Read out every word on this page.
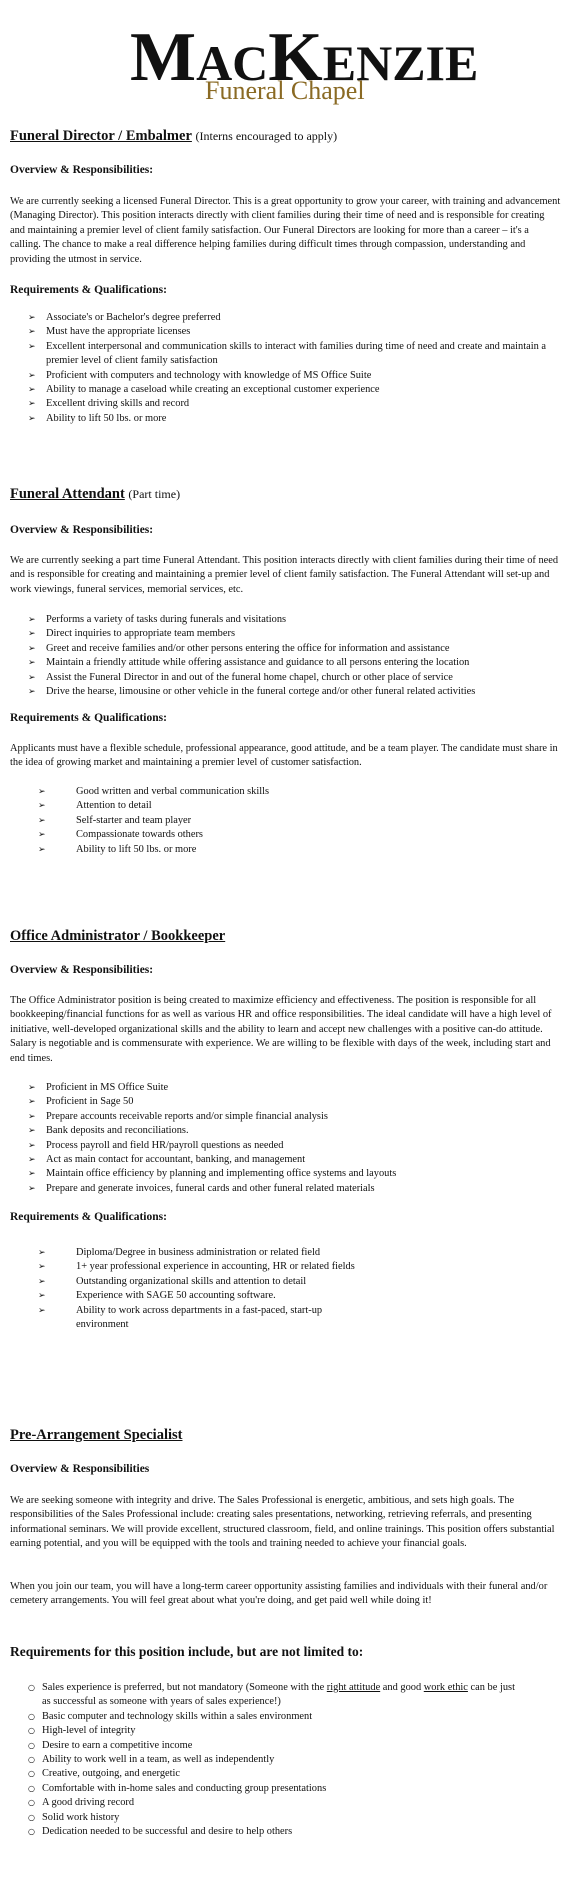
MACKENZIE
Funeral Chapel
Funeral Director / Embalmer (Interns encouraged to apply)
Overview & Responsibilities:

We are currently seeking a licensed Funeral Director. This is a great opportunity to grow your career, with training and advancement (Managing Director). This position interacts directly with client families during their time of need and is responsible for creating and maintaining a premier level of client family satisfaction. Our Funeral Directors are looking for more than a career – it's a calling. The chance to make a real difference helping families during difficult times through compassion, understanding and providing the utmost in service.

Requirements & Qualifications:
➢ Associate's or Bachelor's degree preferred
➢ Must have the appropriate licenses
➢ Excellent interpersonal and communication skills to interact with families during time of need and create and maintain a premier level of client family satisfaction
➢ Proficient with computers and technology with knowledge of MS Office Suite
➢ Ability to manage a caseload while creating an exceptional customer experience
➢ Excellent driving skills and record
➢ Ability to lift 50 lbs. or more
Funeral Attendant (Part time)
Overview & Responsibilities:

We are currently seeking a part time Funeral Attendant. This position interacts directly with client families during their time of need and is responsible for creating and maintaining a premier level of client family satisfaction. The Funeral Attendant will set-up and work viewings, funeral services, memorial services, etc.

➢ Performs a variety of tasks during funerals and visitations
➢ Direct inquiries to appropriate team members
➢ Greet and receive families and/or other persons entering the office for information and assistance
➢ Maintain a friendly attitude while offering assistance and guidance to all persons entering the location
➢ Assist the Funeral Director in and out of the funeral home chapel, church or other place of service
➢ Drive the hearse, limousine or other vehicle in the funeral cortege and/or other funeral related activities
Requirements & Qualifications:

Applicants must have a flexible schedule, professional appearance, good attitude, and be a team player. The candidate must share in the idea of growing market and maintaining a premier level of customer satisfaction.

➢ Good written and verbal communication skills
➢ Attention to detail
➢ Self-starter and team player
➢ Compassionate towards others
➢ Ability to lift 50 lbs. or more
Office Administrator / Bookkeeper
Overview & Responsibilities:

The Office Administrator position is being created to maximize efficiency and effectiveness. The position is responsible for all bookkeeping/financial functions for as well as various HR and office responsibilities. The ideal candidate will have a high level of initiative, well-developed organizational skills and the ability to learn and accept new challenges with a positive can-do attitude. Salary is negotiable and is commensurate with experience. We are willing to be flexible with days of the week, including start and end times.

➢ Proficient in MS Office Suite
➢ Proficient in Sage 50
➢ Prepare accounts receivable reports and/or simple financial analysis
➢ Bank deposits and reconciliations.
➢ Process payroll and field HR/payroll questions as needed
➢ Act as main contact for accountant, banking, and management
➢ Maintain office efficiency by planning and implementing office systems and layouts
➢ Prepare and generate invoices, funeral cards and other funeral related materials
Requirements & Qualifications:
➢ Diploma/Degree in business administration or related field
➢ 1+ year professional experience in accounting, HR or related fields
➢ Outstanding organizational skills and attention to detail
➢ Experience with SAGE 50 accounting software.
➢ Ability to work across departments in a fast-paced, start-up environment
Pre-Arrangement Specialist
Overview & Responsibilities

We are seeking someone with integrity and drive. The Sales Professional is energetic, ambitious, and sets high goals. The responsibilities of the Sales Professional include: creating sales presentations, networking, retrieving referrals, and presenting informational seminars. We will provide excellent, structured classroom, field, and online trainings. This position offers substantial earning potential, and you will be equipped with the tools and training needed to achieve your financial goals.

When you join our team, you will have a long-term career opportunity assisting families and individuals with their funeral and/or cemetery arrangements. You will feel great about what you're doing, and get paid well while doing it!

Requirements for this position include, but are not limited to:
○ Sales experience is preferred, but not mandatory (Someone with the right attitude and good work ethic can be just as successful as someone with years of sales experience!)
○ Basic computer and technology skills within a sales environment
○ High-level of integrity
○ Desire to earn a competitive income
○ Ability to work well in a team, as well as independently
○ Creative, outgoing, and energetic
○ Comfortable with in-home sales and conducting group presentations
○ A good driving record
○ Solid work history
○ Dedication needed to be successful and desire to help others
